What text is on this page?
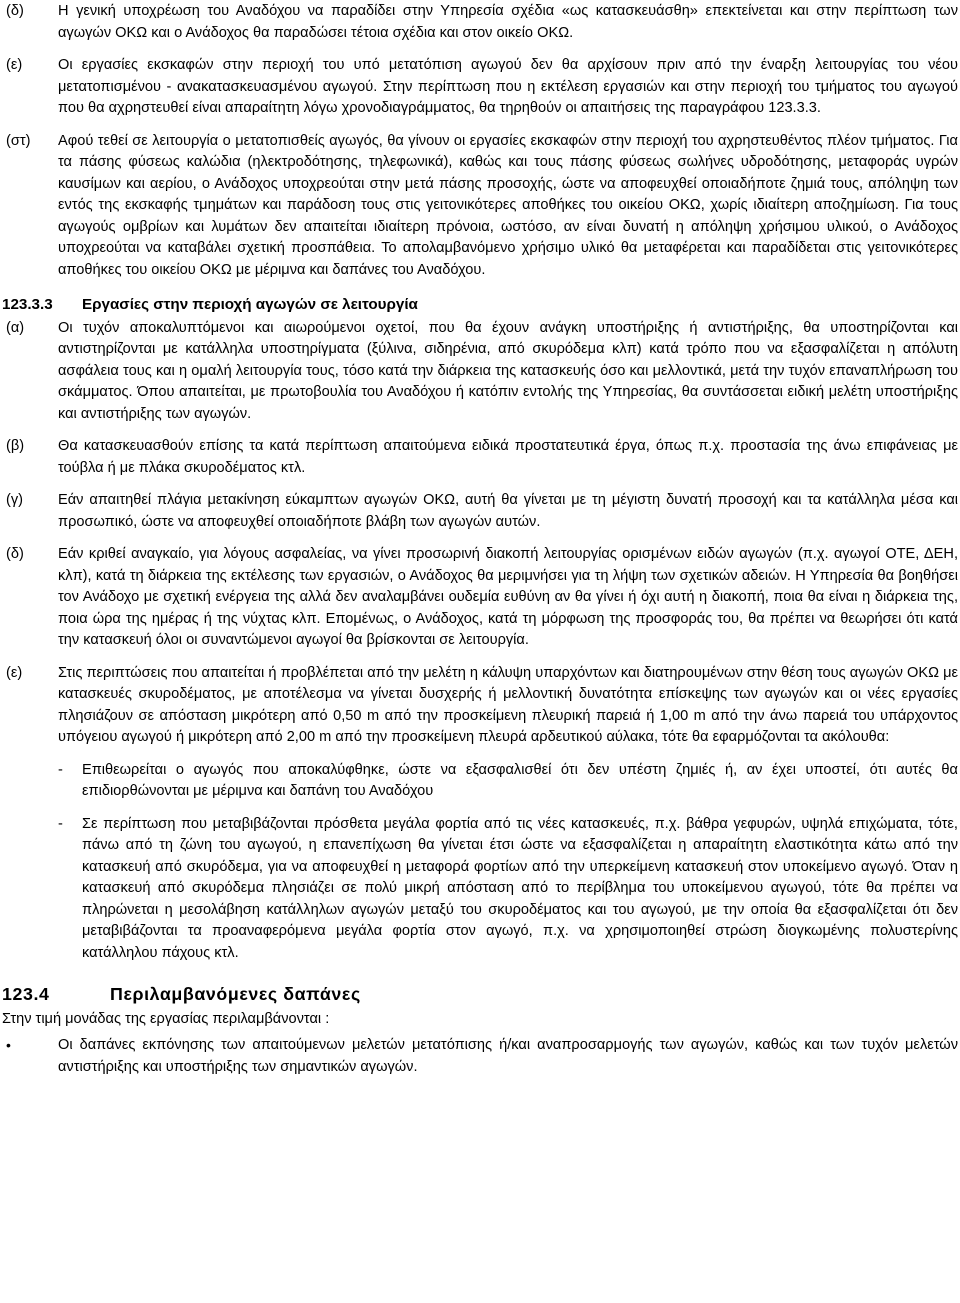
(δ) Η γενική υποχρέωση του Αναδόχου να παραδίδει στην Υπηρεσία σχέδια «ως κατασκευάσθη» επεκτείνεται και στην περίπτωση των αγωγών ΟΚΩ και ο Ανάδοχος θα παραδώσει τέτοια σχέδια και στον οικείο ΟΚΩ.
(ε) Οι εργασίες εκσκαφών στην περιοχή του υπό μετατόπιση αγωγού δεν θα αρχίσουν πριν από την έναρξη λειτουργίας του νέου μετατοπισμένου - ανακατασκευασμένου αγωγού. Στην περίπτωση που η εκτέλεση εργασιών και στην περιοχή του τμήματος του αγωγού που θα αχρηστευθεί είναι απαραίτητη λόγω χρονοδιαγράμματος, θα τηρηθούν οι απαιτήσεις της παραγράφου 123.3.3.
(στ) Αφού τεθεί σε λειτουργία ο μετατοπισθείς αγωγός, θα γίνουν οι εργασίες εκσκαφών στην περιοχή του αχρηστευθέντος πλέον τμήματος. Για τα πάσης φύσεως καλώδια (ηλεκτροδότησης, τηλεφωνικά), καθώς και τους πάσης φύσεως σωλήνες υδροδότησης, μεταφοράς υγρών καυσίμων και αερίου, ο Ανάδοχος υποχρεούται στην μετά πάσης προσοχής, ώστε να αποφευχθεί οποιαδήποτε ζημιά τους, απόληψη των εντός της εκσκαφής τμημάτων και παράδοση τους στις γειτονικότερες αποθήκες του οικείου ΟΚΩ, χωρίς ιδιαίτερη αποζημίωση. Για τους αγωγούς ομβρίων και λυμάτων δεν απαιτείται ιδιαίτερη πρόνοια, ωστόσο, αν είναι δυνατή η απόληψη χρήσιμου υλικού, ο Ανάδοχος υποχρεούται να καταβάλει σχετική προσπάθεια. Το απολαμβανόμενο χρήσιμο υλικό θα μεταφέρεται και παραδίδεται στις γειτονικότερες αποθήκες του οικείου ΟΚΩ με μέριμνα και δαπάνες του Αναδόχου.
123.3.3 Εργασίες στην περιοχή αγωγών σε λειτουργία
(α) Οι τυχόν αποκαλυπτόμενοι και αιωρούμενοι οχετοί, που θα έχουν ανάγκη υποστήριξης ή αντιστήριξης, θα υποστηρίζονται και αντιστηρίζονται με κατάλληλα υποστηρίγματα (ξύλινα, σιδηρένια, από σκυρόδεμα κλπ) κατά τρόπο που να εξασφαλίζεται η απόλυτη ασφάλεια τους και η ομαλή λειτουργία τους, τόσο κατά την διάρκεια της κατασκευής όσο και μελλοντικά, μετά την τυχόν επαναπλήρωση του σκάμματος. Όπου απαιτείται, με πρωτοβουλία του Αναδόχου ή κατόπιν εντολής της Υπηρεσίας, θα συντάσσεται ειδική μελέτη υποστήριξης και αντιστήριξης των αγωγών.
(β) Θα κατασκευασθούν επίσης τα κατά περίπτωση απαιτούμενα ειδικά προστατευτικά έργα, όπως π.χ. προστασία της άνω επιφάνειας με τούβλα ή με πλάκα σκυροδέματος κτλ.
(γ) Εάν απαιτηθεί πλάγια μετακίνηση εύκαμπτων αγωγών ΟΚΩ, αυτή θα γίνεται με τη μέγιστη δυνατή προσοχή και τα κατάλληλα μέσα και προσωπικό, ώστε να αποφευχθεί οποιαδήποτε βλάβη των αγωγών αυτών.
(δ) Εάν κριθεί αναγκαίο, για λόγους ασφαλείας, να γίνει προσωρινή διακοπή λειτουργίας ορισμένων ειδών αγωγών (π.χ. αγωγοί ΟΤΕ, ΔΕΗ, κλπ), κατά τη διάρκεια της εκτέλεσης των εργασιών, ο Ανάδοχος θα μεριμνήσει για τη λήψη των σχετικών αδειών. Η Υπηρεσία θα βοηθήσει τον Ανάδοχο με σχετική ενέργεια της αλλά δεν αναλαμβάνει ουδεμία ευθύνη αν θα γίνει ή όχι αυτή η διακοπή, ποια θα είναι η διάρκεια της, ποια ώρα της ημέρας ή της νύχτας κλπ. Επομένως, ο Ανάδοχος, κατά τη μόρφωση της προσφοράς του, θα πρέπει να θεωρήσει ότι κατά την κατασκευή όλοι οι συναντώμενοι αγωγοί θα βρίσκονται σε λειτουργία.
(ε) Στις περιπτώσεις που απαιτείται ή προβλέπεται από την μελέτη η κάλυψη υπαρχόντων και διατηρουμένων στην θέση τους αγωγών ΟΚΩ με κατασκευές σκυροδέματος, με αποτέλεσμα να γίνεται δυσχερής ή μελλοντική δυνατότητα επίσκεψης των αγωγών και οι νέες εργασίες πλησιάζουν σε απόσταση μικρότερη από 0,50 m από την προσκείμενη πλευρική παρειά ή 1,00 m από την άνω παρειά του υπάρχοντος υπόγειου αγωγού ή μικρότερη από 2,00 m από την προσκείμενη πλευρά αρδευτικού αύλακα, τότε θα εφαρμόζονται τα ακόλουθα:
- Επιθεωρείται ο αγωγός που αποκαλύφθηκε, ώστε να εξασφαλισθεί ότι δεν υπέστη ζημιές ή, αν έχει υποστεί, ότι αυτές θα επιδιορθώνονται με μέριμνα και δαπάνη του Αναδόχου
- Σε περίπτωση που μεταβιβάζονται πρόσθετα μεγάλα φορτία από τις νέες κατασκευές, π.χ. βάθρα γεφυρών, υψηλά επιχώματα, τότε, πάνω από τη ζώνη του αγωγού, η επανεπίχωση θα γίνεται έτσι ώστε να εξασφαλίζεται η απαραίτητη ελαστικότητα κάτω από την κατασκευή από σκυρόδεμα, για να αποφευχθεί η μεταφορά φορτίων από την υπερκείμενη κατασκευή στον υποκείμενο αγωγό. Όταν η κατασκευή από σκυρόδεμα πλησιάζει σε πολύ μικρή απόσταση από το περίβλημα του υποκείμενου αγωγού, τότε θα πρέπει να πληρώνεται η μεσολάβηση κατάλληλων αγωγών μεταξύ του σκυροδέματος και του αγωγού, με την οποία θα εξασφαλίζεται ότι δεν μεταβιβάζονται τα προαναφερόμενα μεγάλα φορτία στον αγωγό, π.χ. να χρησιμοποιηθεί στρώση διογκωμένης πολυστερίνης κατάλληλου πάχους κτλ.
123.4	Περιλαμβανόμενες δαπάνες
Στην τιμή μονάδας της εργασίας περιλαμβάνονται :
•	Οι δαπάνες εκπόνησης των απαιτούμενων μελετών μετατόπισης ή/και αναπροσαρμογής των αγωγών, καθώς και των τυχόν μελετών αντιστήριξης και υποστήριξης των σημαντικών αγωγών.
